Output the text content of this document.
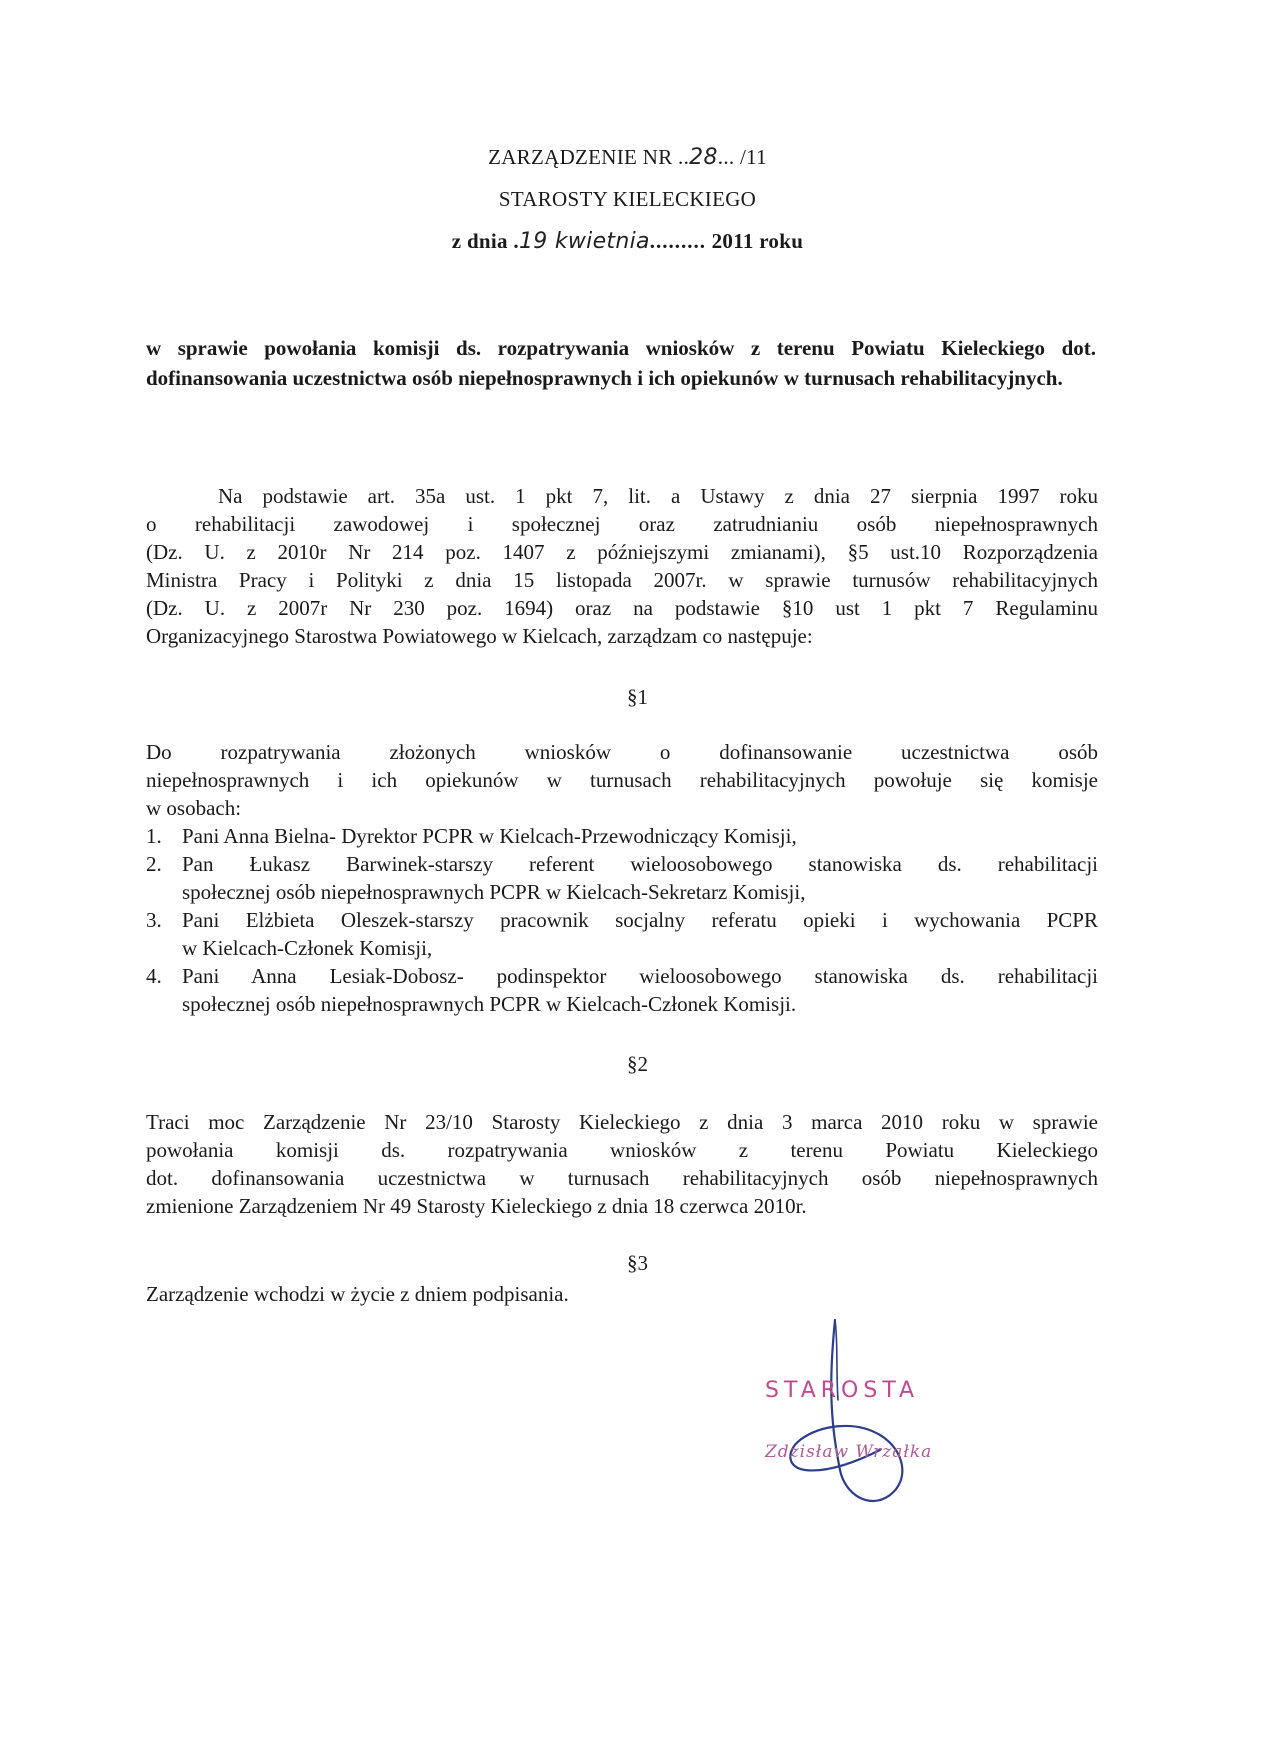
ZARZĄDZENIE NR ..28... /11
STAROSTY KIELECKIEGO
z dnia .19 kwietnia......... 2011 roku
w sprawie powołania komisji ds. rozpatrywania wniosków z terenu Powiatu Kieleckiego dot. dofinansowania uczestnictwa osób niepełnosprawnych i ich opiekunów w turnusach rehabilitacyjnych.
Na podstawie art. 35a ust. 1 pkt 7, lit. a Ustawy z dnia 27 sierpnia 1997 roku
o rehabilitacji zawodowej i społecznej oraz zatrudnianiu osób niepełnosprawnych
(Dz. U. z 2010r Nr 214 poz. 1407 z późniejszymi zmianami), §5 ust.10 Rozporządzenia
Ministra Pracy i Polityki z dnia 15 listopada 2007r. w sprawie turnusów rehabilitacyjnych
(Dz. U. z 2007r Nr 230 poz. 1694) oraz na podstawie §10 ust 1 pkt 7 Regulaminu
Organizacyjnego Starostwa Powiatowego w Kielcach, zarządzam co następuje:
§1
Do rozpatrywania złożonych wniosków o dofinansowanie uczestnictwa osób
niepełnosprawnych i ich opiekunów w turnusach rehabilitacyjnych powołuje się komisje
w osobach:
1. Pani Anna Bielna- Dyrektor PCPR w Kielcach-Przewodniczący Komisji,
2. Pan Łukasz Barwinek-starszy referent wieloosobowego stanowiska ds. rehabilitacji
społecznej osób niepełnosprawnych PCPR w Kielcach-Sekretarz Komisji,
3. Pani Elżbieta Oleszek-starszy pracownik socjalny referatu opieki i wychowania PCPR
w Kielcach-Członek Komisji,
4. Pani Anna Lesiak-Dobosz- podinspektor wieloosobowego stanowiska ds. rehabilitacji
społecznej osób niepełnosprawnych PCPR w Kielcach-Członek Komisji.
§2
Traci moc Zarządzenie Nr 23/10 Starosty Kieleckiego z dnia 3 marca 2010 roku w sprawie
powołania komisji ds. rozpatrywania wniosków z terenu Powiatu Kieleckiego
dot. dofinansowania uczestnictwa w turnusach rehabilitacyjnych osób niepełnosprawnych
zmienione Zarządzeniem Nr 49 Starosty Kieleckiego z dnia 18 czerwca 2010r.
§3
Zarządzenie wchodzi w życie z dniem podpisania.
STAROSTA
Zdzisław Wrzałka
